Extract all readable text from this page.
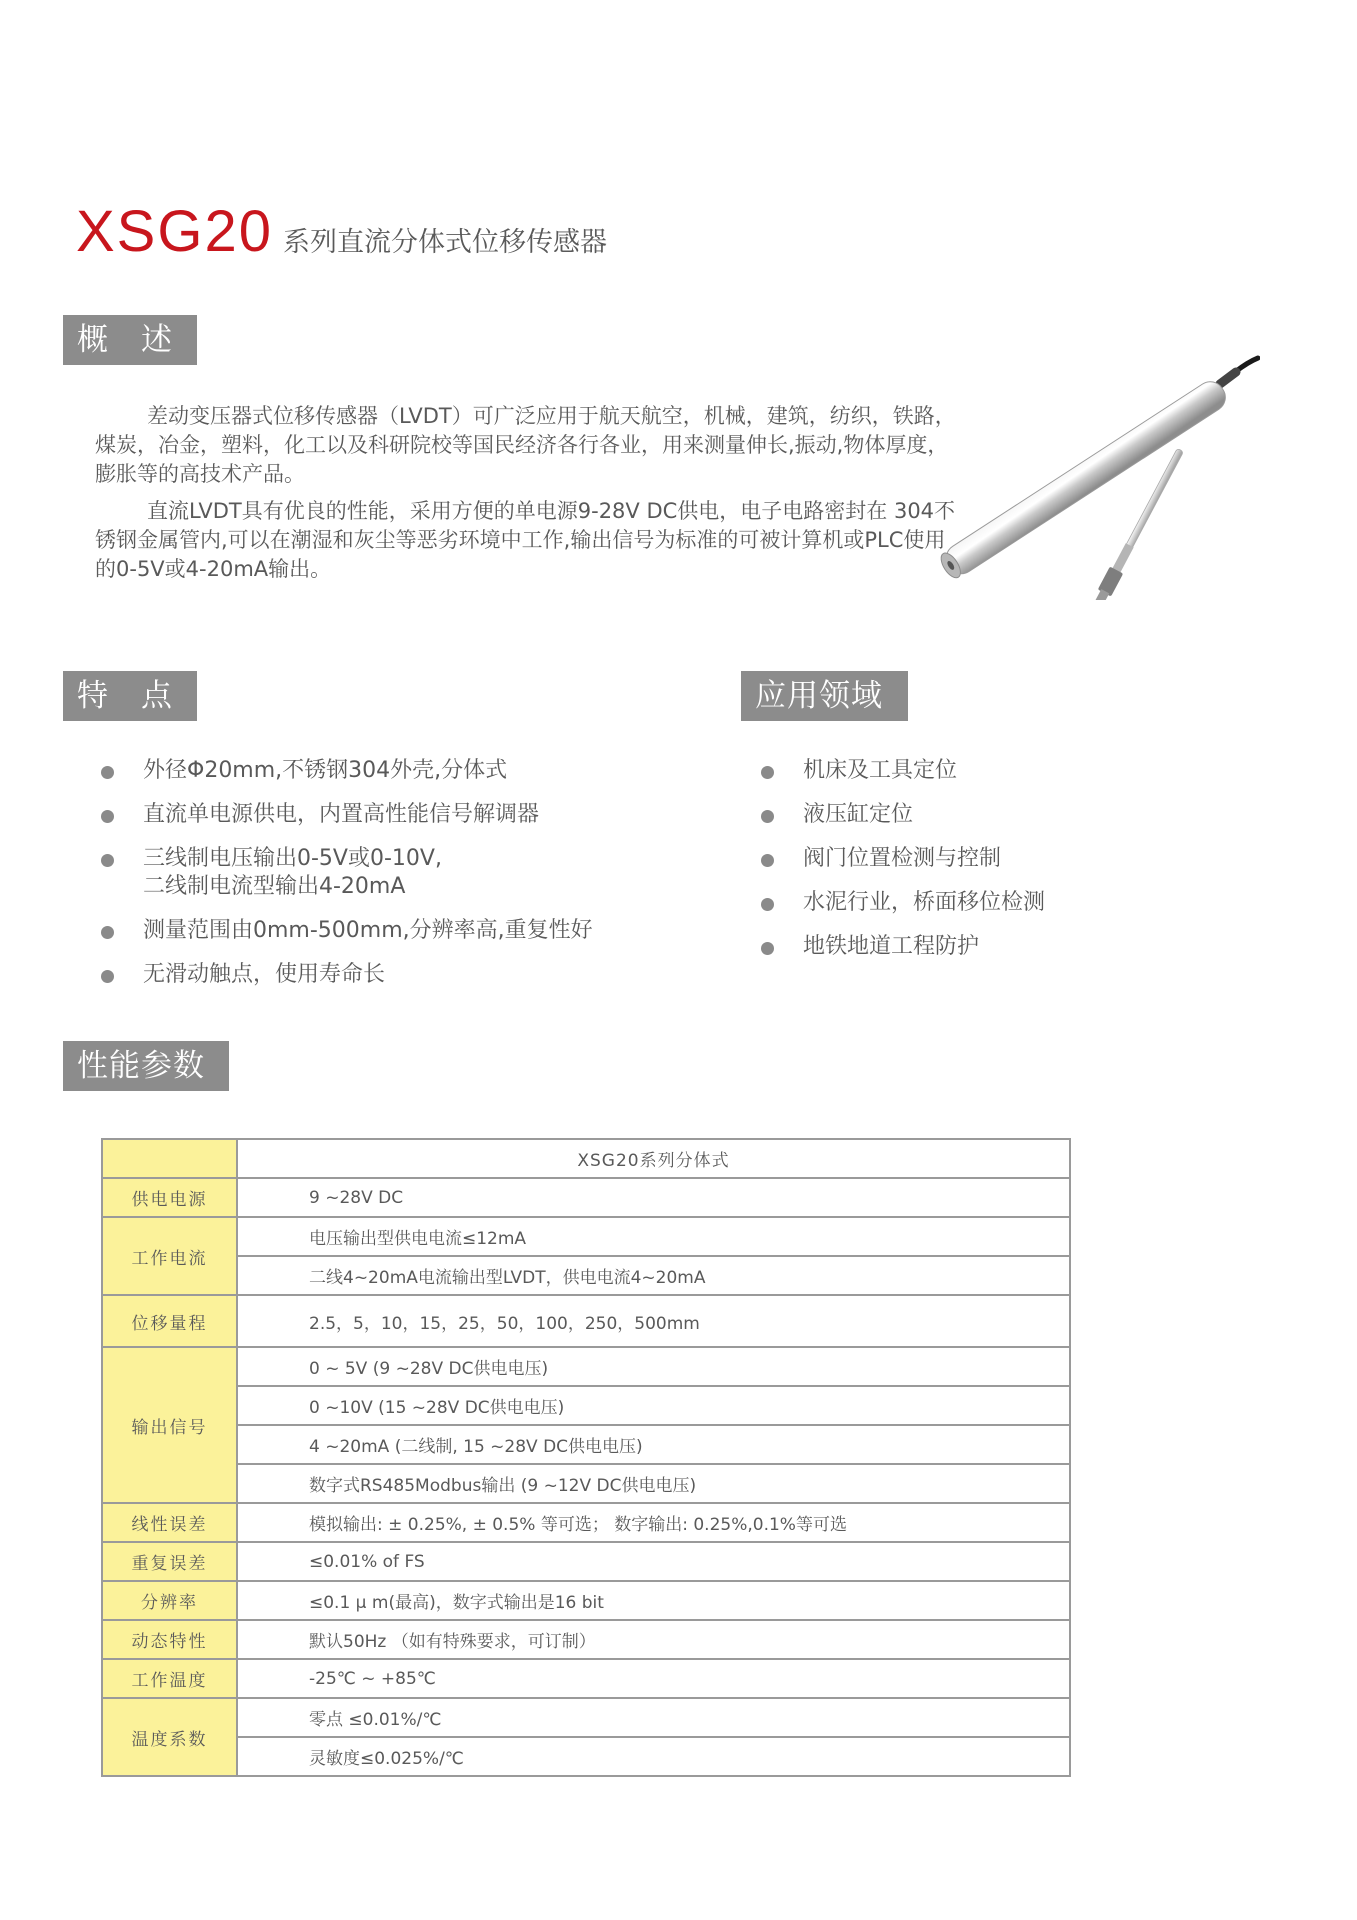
XSG20 系列直流分体式位移传感器
概　述

差动变压器式位移传感器（LVDT）可广泛应用于航天航空，机械，建筑，纺织，铁路，煤炭，冶金，塑料，化工以及科研院校等国民经济各行各业，用来测量伸长,振动,物体厚度，膨胀等的高技术产品。

直流LVDT具有优良的性能，采用方便的单电源9-28V DC供电，电子电路密封在 304不锈钢金属管内,可以在潮湿和灰尘等恶劣环境中工作,输出信号为标准的可被计算机或PLC使用的0-5V或4-20mA输出。

特　点
外径Φ20mm,不锈钢304外壳,分体式
直流单电源供电，内置高性能信号解调器
三线制电压输出0-5V或0-10V,
二线制电流型输出4-20mA
测量范围由0mm-500mm,分辨率高,重复性好
无滑动触点，使用寿命长
应用领域
机床及工具定位
液压缸定位
阀门位置检测与控制
水泥行业，桥面移位检测
地铁地道工程防护
性能参数
	XSG20系列分体式
供电电源	9 ~28V DC
工作电流	电压输出型供电电流≤12mA
	二线4~20mA电流输出型LVDT，供电电流4~20mA
位移量程	2.5，5，10，15，25，50，100，250，500mm
输出信号	0 ~ 5V (9 ~28V DC供电电压)
	0 ~10V (15 ~28V DC供电电压)
	4 ~20mA (二线制, 15 ~28V DC供电电压)
	数字式RS485Modbus输出 (9 ~12V DC供电电压)
线性误差	模拟输出: ± 0.25%, ± 0.5% 等可选； 数字输出: 0.25%,0.1%等可选
重复误差	≤0.01% of FS
分辨率	≤0.1 μ m(最高)，数字式输出是16 bit
动态特性	默认50Hz （如有特殊要求，可订制）
工作温度	-25℃ ~ +85℃
温度系数	零点 ≤0.01%/℃
	灵敏度≤0.025%/℃
